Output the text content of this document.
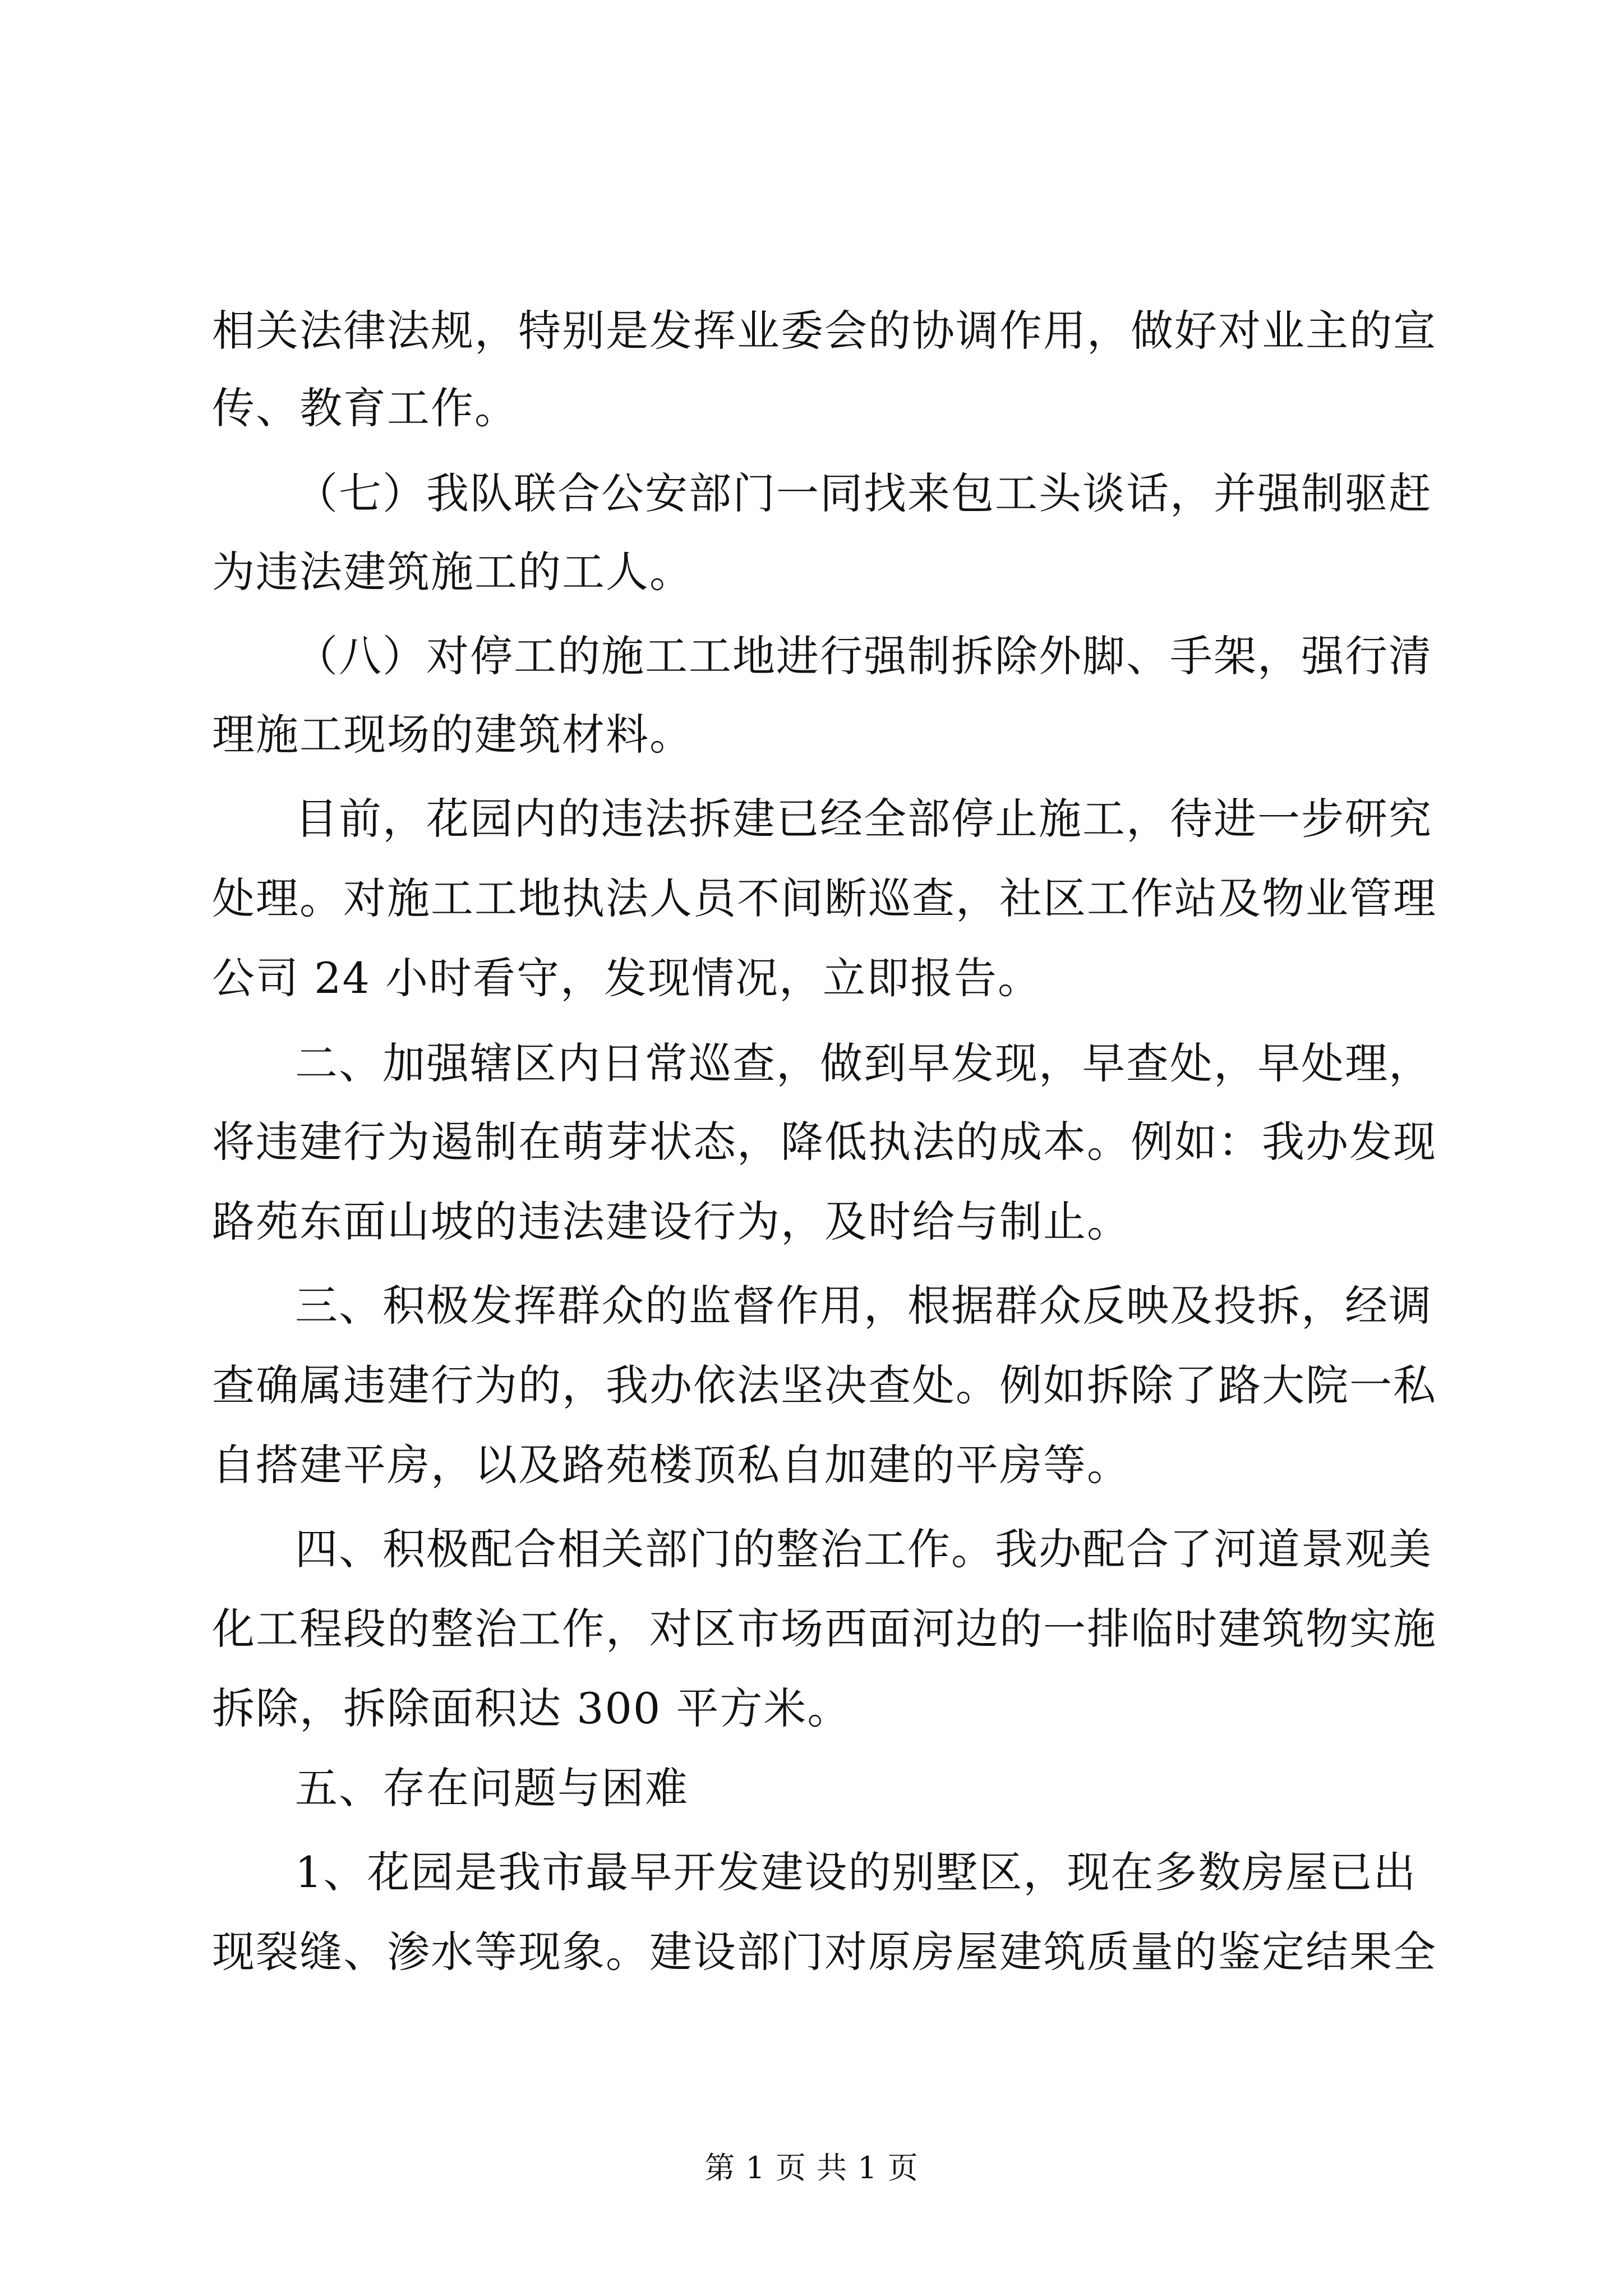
相关法律法规，特别是发挥业委会的协调作用，做好对业主的宣
传、教育工作。
（七）我队联合公安部门一同找来包工头谈话，并强制驱赶
为违法建筑施工的工人。
（八）对停工的施工工地进行强制拆除外脚、手架，强行清
理施工现场的建筑材料。
目前，花园内的违法拆建已经全部停止施工，待进一步研究
处理。对施工工地执法人员不间断巡查，社区工作站及物业管理
公司 24 小时看守，发现情况，立即报告。
二、加强辖区内日常巡查，做到早发现，早查处，早处理，
将违建行为遏制在萌芽状态，降低执法的成本。例如：我办发现
路苑东面山坡的违法建设行为，及时给与制止。
三、积极发挥群众的监督作用，根据群众反映及投拆，经调
查确属违建行为的，我办依法坚决查处。例如拆除了路大院一私
自搭建平房，以及路苑楼顶私自加建的平房等。
四、积极配合相关部门的整治工作。我办配合了河道景观美
化工程段的整治工作，对区市场西面河边的一排临时建筑物实施
拆除，拆除面积达 300 平方米。
五、存在问题与困难
1、花园是我市最早开发建设的别墅区，现在多数房屋已出
现裂缝、渗水等现象。建设部门对原房屋建筑质量的鉴定结果全
第 1 页 共 1 页
